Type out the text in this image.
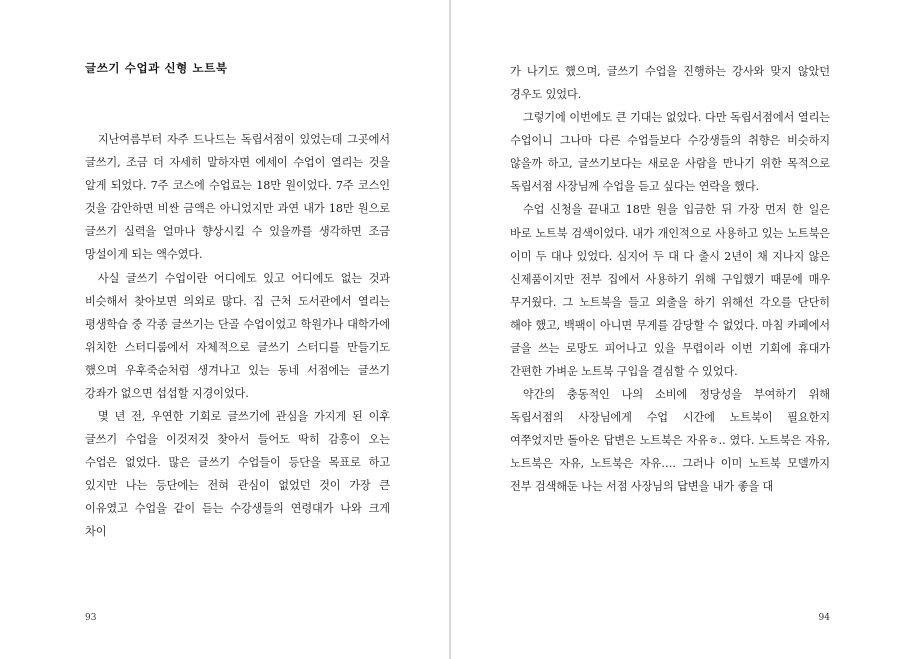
글쓰기 수업과 신형 노트북

지난여름부터 자주 드나드는 독립서점이 있었는데 그곳에서 글쓰기, 조금 더 자세히 말하자면 에세이 수업이 열리는 것을 알게 되었다. 7주 코스에 수업료는 18만 원이었다. 7주 코스인 것을 감안하면 비싼 금액은 아니었지만 과연 내가 18만 원으로 글쓰기 실력을 얼마나 향상시킬 수 있을까를 생각하면 조금 망설이게 되는 액수였다.

사실 글쓰기 수업이란 어디에도 있고 어디에도 없는 것과 비슷해서 찾아보면 의외로 많다. 집 근처 도서관에서 열리는 평생학습 중 각종 글쓰기는 단골 수업이었고 학원가나 대학가에 위치한 스터디룸에서 자체적으로 글쓰기 스터디를 만들기도 했으며 우후죽순처럼 생겨나고 있는 동네 서점에는 글쓰기 강좌가 없으면 섭섭할 지경이었다.

몇 년 전, 우연한 기회로 글쓰기에 관심을 가지게 된 이후 글쓰기 수업을 이것저것 찾아서 들어도 딱히 감흥이 오는 수업은 없었다. 많은 글쓰기 수업들이 등단을 목표로 하고 있지만 나는 등단에는 전혀 관심이 없었던 것이 가장 큰 이유였고 수업을 같이 듣는 수강생들의 연령대가 나와 크게 차이

93

가 나기도 했으며, 글쓰기 수업을 진행하는 강사와 맞지 않았던 경우도 있었다.

그렇기에 이번에도 큰 기대는 없었다. 다만 독립서점에서 열리는 수업이니 그나마 다른 수업들보다 수강생들의 취향은 비슷하지 않을까 하고, 글쓰기보다는 새로운 사람을 만나기 위한 목적으로 독립서점 사장님께 수업을 듣고 싶다는 연락을 했다.

수업 신청을 끝내고 18만 원을 입금한 뒤 가장 먼저 한 일은 바로 노트북 검색이었다. 내가 개인적으로 사용하고 있는 노트북은 이미 두 대나 있었다. 심지어 두 대 다 출시 2년이 채 지나지 않은 신제품이지만 전부 집에서 사용하기 위해 구입했기 때문에 매우 무거웠다. 그 노트북을 들고 외출을 하기 위해선 각오를 단단히 해야 했고, 백팩이 아니면 무게를 감당할 수 없었다. 마침 카페에서 글을 쓰는 로망도 피어나고 있을 무렵이라 이번 기회에 휴대가 간편한 가벼운 노트북 구입을 결심할 수 있었다.

약간의 충동적인 나의 소비에 정당성을 부여하기 위해 독립서점의 사장님에게 수업 시간에 노트북이 필요한지 여쭈었지만 돌아온 답변은 노트북은 자유ㅎ.. 였다. 노트북은 자유, 노트북은 자유, 노트북은 자유…. 그러나 이미 노트북 모델까지 전부 검색해둔 나는 서점 사장님의 답변을 내가 좋을 대

94
